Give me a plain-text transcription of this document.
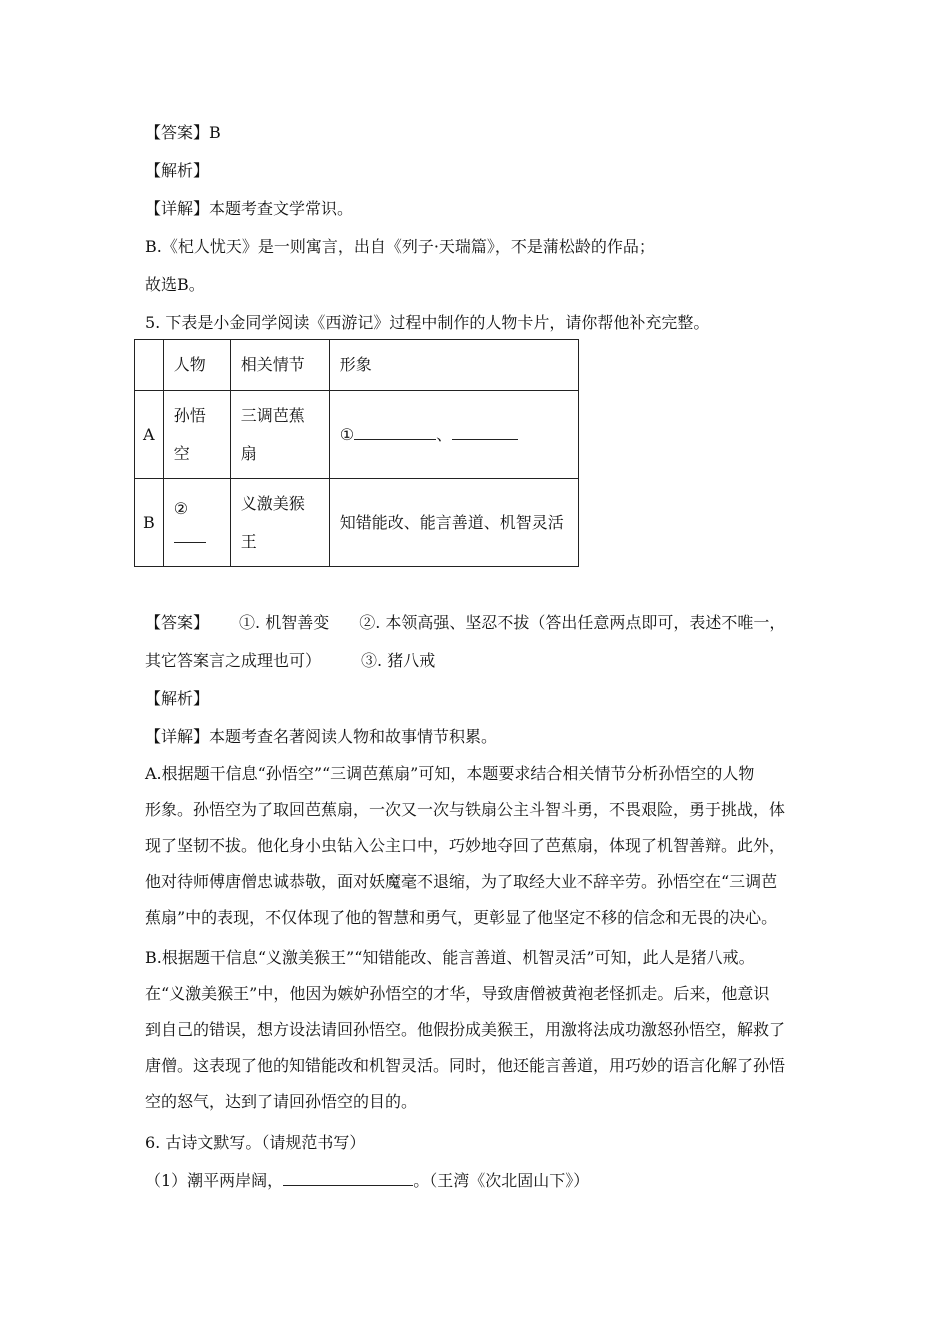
【答案】B
【解析】
【详解】本题考查文学常识。
B.《杞人忧天》是一则寓言，出自《列子·天瑞篇》，不是蒲松龄的作品；
故选B。
5. 下表是小金同学阅读《西游记》过程中制作的人物卡片，请你帮他补充完整。
	人物	相关情节	形象
A	孙悟空	三调芭蕉扇	① 、
B	②	义激美猴王	知错能改、能言善道、机智灵活
【答案】 ①. 机智善变 ②. 本领高强、坚忍不拔（答出任意两点即可，表述不唯一，
其它答案言之成理也可）	③. 猪八戒
【解析】
【详解】本题考查名著阅读人物和故事情节积累。
A.根据题干信息“孙悟空”“三调芭蕉扇”可知，本题要求结合相关情节分析孙悟空的人物
形象。孙悟空为了取回芭蕉扇，一次又一次与铁扇公主斗智斗勇，不畏艰险，勇于挑战，体
现了坚韧不拔。他化身小虫钻入公主口中，巧妙地夺回了芭蕉扇，体现了机智善辩。此外，
他对待师傅唐僧忠诚恭敬，面对妖魔毫不退缩，为了取经大业不辞辛劳。孙悟空在“三调芭
蕉扇”中的表现，不仅体现了他的智慧和勇气，更彰显了他坚定不移的信念和无畏的决心。
B.根据题干信息“义激美猴王”“知错能改、能言善道、机智灵活”可知，此人是猪八戒。
在“义激美猴王”中，他因为嫉妒孙悟空的才华，导致唐僧被黄袍老怪抓走。后来，他意识
到自己的错误，想方设法请回孙悟空。他假扮成美猴王，用激将法成功激怒孙悟空，解救了
唐僧。这表现了他的知错能改和机智灵活。同时，他还能言善道，用巧妙的语言化解了孙悟
空的怒气，达到了请回孙悟空的目的。
6. 古诗文默写。（请规范书写）
（1）潮平两岸阔，	。（王湾《次北固山下》）
